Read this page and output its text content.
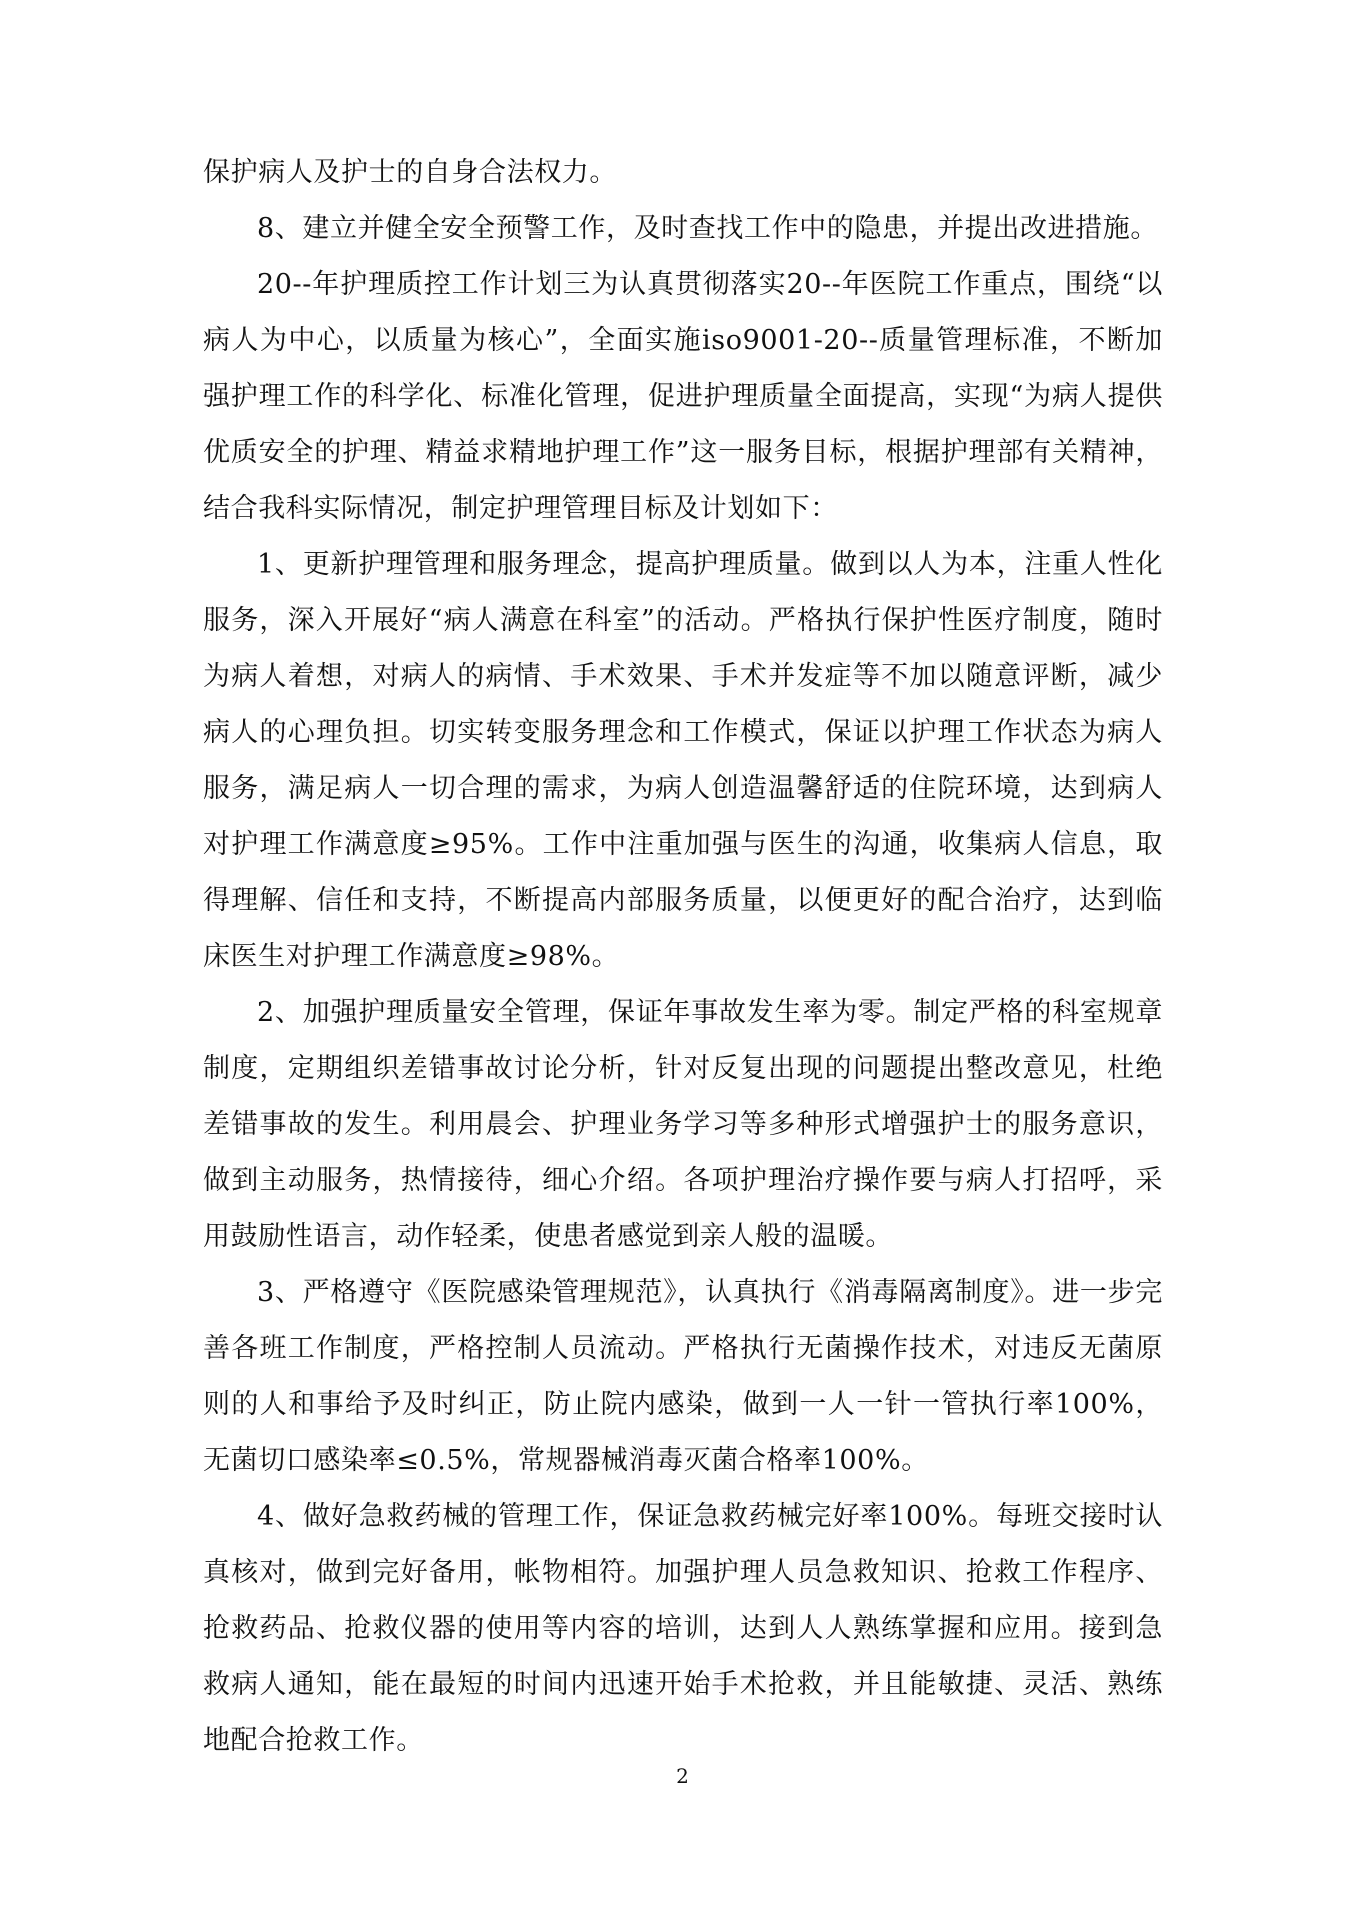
保护病人及护士的自身合法权力。

8、建立并健全安全预警工作，及时查找工作中的隐患，并提出改进措施。

20--年护理质控工作计划三为认真贯彻落实20--年医院工作重点，围绕“以病人为中心，以质量为核心”，全面实施iso9001-20--质量管理标准，不断加强护理工作的科学化、标准化管理，促进护理质量全面提高，实现“为病人提供优质安全的护理、精益求精地护理工作”这一服务目标，根据护理部有关精神，结合我科实际情况，制定护理管理目标及计划如下：

1、更新护理管理和服务理念，提高护理质量。做到以人为本，注重人性化服务，深入开展好“病人满意在科室”的活动。严格执行保护性医疗制度，随时为病人着想，对病人的病情、手术效果、手术并发症等不加以随意评断，减少病人的心理负担。切实转变服务理念和工作模式，保证以护理工作状态为病人服务，满足病人一切合理的需求，为病人创造温馨舒适的住院环境，达到病人对护理工作满意度≥95%。工作中注重加强与医生的沟通，收集病人信息，取得理解、信任和支持，不断提高内部服务质量，以便更好的配合治疗，达到临床医生对护理工作满意度≥98%。

2、加强护理质量安全管理，保证年事故发生率为零。制定严格的科室规章制度，定期组织差错事故讨论分析，针对反复出现的问题提出整改意见，杜绝差错事故的发生。利用晨会、护理业务学习等多种形式增强护士的服务意识，做到主动服务，热情接待，细心介绍。各项护理治疗操作要与病人打招呼，采用鼓励性语言，动作轻柔，使患者感觉到亲人般的温暖。

3、严格遵守《医院感染管理规范》，认真执行《消毒隔离制度》。进一步完善各班工作制度，严格控制人员流动。严格执行无菌操作技术，对违反无菌原则的人和事给予及时纠正，防止院内感染，做到一人一针一管执行率100%，无菌切口感染率≤0.5%，常规器械消毒灭菌合格率100%。

4、做好急救药械的管理工作，保证急救药械完好率100%。每班交接时认真核对，做到完好备用，帐物相符。加强护理人员急救知识、抢救工作程序、抢救药品、抢救仪器的使用等内容的培训，达到人人熟练掌握和应用。接到急救病人通知，能在最短的时间内迅速开始手术抢救，并且能敏捷、灵活、熟练地配合抢救工作。

2
